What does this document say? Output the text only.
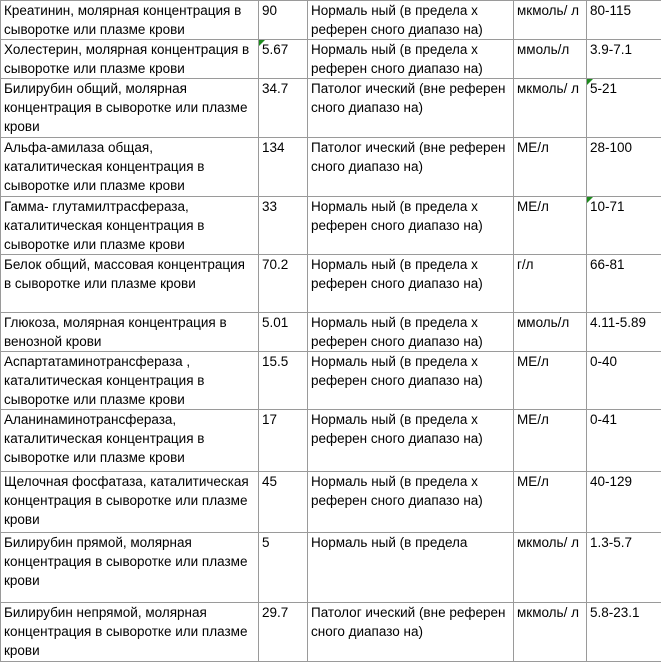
Креатинин, молярная концентрация в сыворотке или плазме крови	90	Нормаль ный (в предела х референ сного диапазо на)	мкмоль/ л	80-115
Холестерин, молярная концентрация в сыворотке или плазме крови	5.67	Нормаль ный (в предела х референ сного диапазо на)	ммоль/л	3.9-7.1
Билирубин общий, молярная концентрация в сыворотке или плазме крови	34.7	Патолог ический (вне референ сного диапазо на)	мкмоль/ л	5-21
Альфа-амилаза общая, каталитическая концентрация в сыворотке или плазме крови	134	Патолог ический (вне референ сного диапазо на)	МЕ/л	28-100
Гамма- глутамилтрасфераза, каталитическая концентрация в сыворотке или плазме крови	33	Нормаль ный (в предела х референ сного диапазо на)	МЕ/л	10-71
Белок общий, массовая концентрация в сыворотке или плазме крови	70.2	Нормаль ный (в предела х референ сного диапазо на)	г/л	66-81
Глюкоза, молярная концентрация в венозной крови	5.01	Нормаль ный (в предела х референ сного диапазо на)	ммоль/л	4.11-5.89
Аспартатаминотрансфераза , каталитическая концентрация в сыворотке или плазме крови	15.5	Нормаль ный (в предела х референ сного диапазо на)	МЕ/л	0-40
Аланинаминотрансфераза, каталитическая концентрация в сыворотке или плазме крови	17	Нормаль ный (в предела х референ сного диапазо на)	МЕ/л	0-41
Щелочная фосфатаза, каталитическая концентрация в сыворотке или плазме крови	45	Нормаль ный (в предела х референ сного диапазо на)	МЕ/л	40-129
Билирубин прямой, молярная концентрация в сыворотке или плазме крови	5	Нормаль ный (в предела	мкмоль/ л	1.3-5.7
Билирубин непрямой, молярная концентрация в сыворотке или плазме крови	29.7	Патолог ический (вне референ сного диапазо на)	мкмоль/ л	5.8-23.1
